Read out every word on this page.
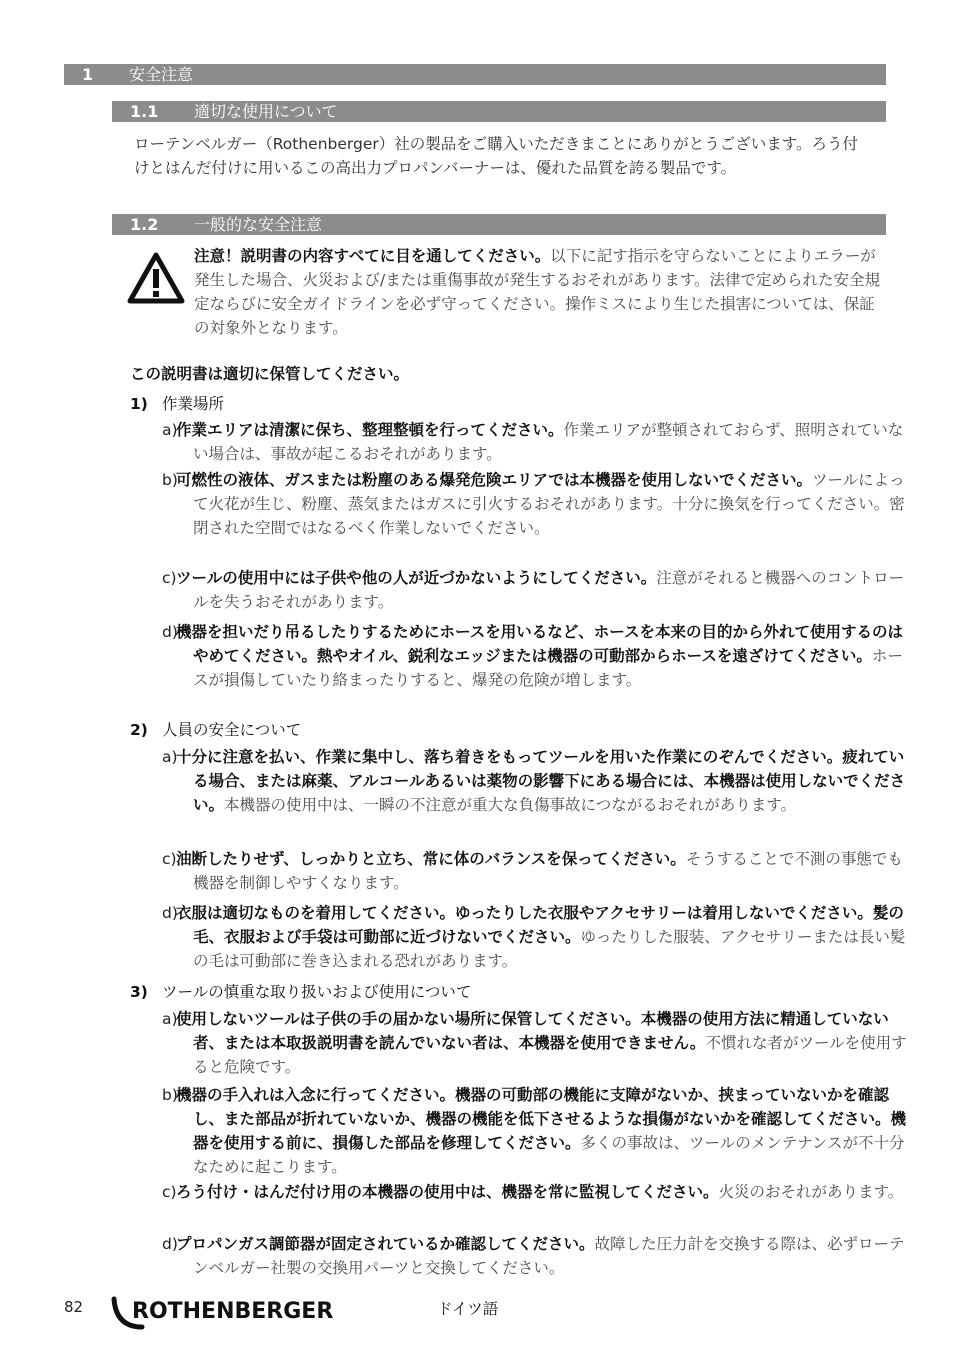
1 安全注意
1.1 適切な使用について
ローテンベルガー（Rothenberger）社の製品をご購入いただきまことにありがとうございます。ろう付けとはんだ付けに用いるこの高出力プロパンバーナーは、優れた品質を誇る製品です。
1.2 一般的な安全注意
注意！説明書の内容すべてに目を通してください。以下に記す指示を守らないことによりエラーが発生した場合、火災および/または重傷事故が発生するおそれがあります。法律で定められた安全規定ならびに安全ガイドラインを必ず守ってください。操作ミスにより生じた損害については、保証の対象外となります。
この説明書は適切に保管してください。
1) 作業場所
a)作業エリアは清潔に保ち、整理整頓を行ってください。作業エリアが整頓されておらず、照明されていない場合は、事故が起こるおそれがあります。
b)可燃性の液体、ガスまたは粉塵のある爆発危険エリアでは本機器を使用しないでください。ツールによって火花が生じ、粉塵、蒸気またはガスに引火するおそれがあります。十分に換気を行ってください。密閉された空間ではなるべく作業しないでください。
c)ツールの使用中には子供や他の人が近づかないようにしてください。注意がそれると機器へのコントロールを失うおそれがあります。
d)機器を担いだり吊るしたりするためにホースを用いるなど、ホースを本来の目的から外れて使用するのはやめてください。熱やオイル、鋭利なエッジまたは機器の可動部からホースを遠ざけてください。ホースが損傷していたり絡まったりすると、爆発の危険が増します。
2) 人員の安全について
a)十分に注意を払い、作業に集中し、落ち着きをもってツールを用いた作業にのぞんでください。疲れている場合、または麻薬、アルコールあるいは薬物の影響下にある場合には、本機器は使用しないでください。本機器の使用中は、一瞬の不注意が重大な負傷事故につながるおそれがあります。
c)油断したりせず、しっかりと立ち、常に体のバランスを保ってください。そうすることで不測の事態でも機器を制御しやすくなります。
d)衣服は適切なものを着用してください。ゆったりした衣服やアクセサリーは着用しないでください。髪の毛、衣服および手袋は可動部に近づけないでください。ゆったりした服装、アクセサリーまたは長い髪の毛は可動部に巻き込まれる恐れがあります。
3) ツールの慎重な取り扱いおよび使用について
a)使用しないツールは子供の手の届かない場所に保管してください。本機器の使用方法に精通していない者、または本取扱説明書を読んでいない者は、本機器を使用できません。不慣れな者がツールを使用すると危険です。
b)機器の手入れは入念に行ってください。機器の可動部の機能に支障がないか、挟まっていないかを確認し、また部品が折れていないか、機器の機能を低下させるような損傷がないかを確認してください。機器を使用する前に、損傷した部品を修理してください。多くの事故は、ツールのメンテナンスが不十分なために起こります。
c)ろう付け・はんだ付け用の本機器の使用中は、機器を常に監視してください。火災のおそれがあります。
d)プロパンガス調節器が固定されているか確認してください。故障した圧力計を交換する際は、必ずローテンベルガー社製の交換用パーツと交換してください。
82 ROTHENBERGER	ドイツ語
